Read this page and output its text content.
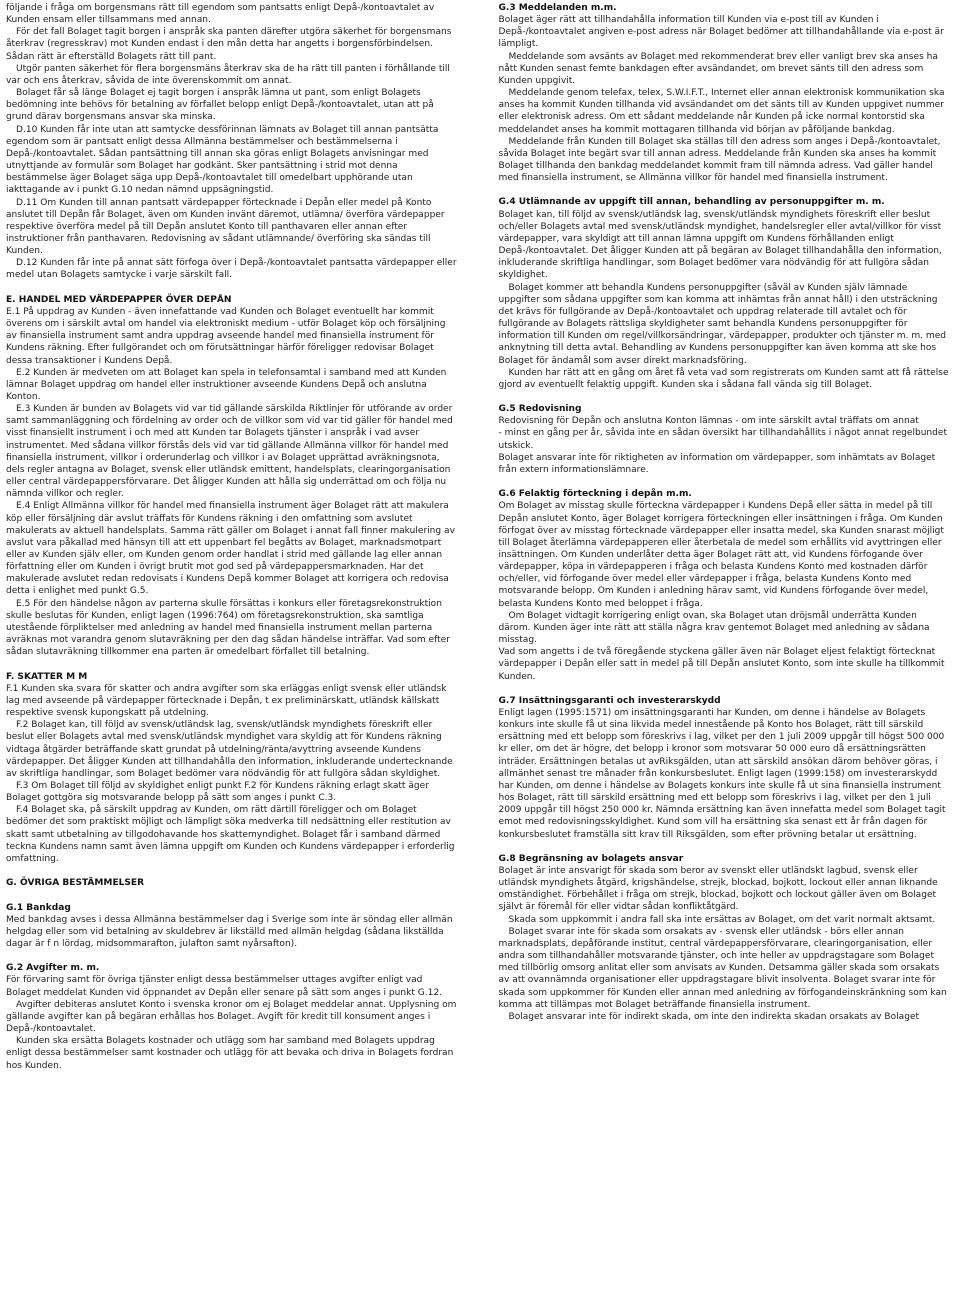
följande i fråga om borgensmans rätt till egendom som pantsatts enligt Depå-/kontoavtalet av Kunden ensam eller tillsammans med annan.

För det fall Bolaget tagit borgen i anspråk ska panten därefter utgöra säkerhet för borgensmans återkrav (regresskrav) mot Kunden endast i den mån detta har angetts i borgensförbindelsen. Sådan rätt är efterställd Bolagets rätt till pant.

Utgör panten säkerhet för flera borgensmäns återkrav ska de ha rätt till panten i förhållande till var och ens återkrav, såvida de inte överenskommit om annat.

Bolaget får så länge Bolaget ej tagit borgen i anspråk lämna ut pant, som enligt Bolagets bedömning inte behövs för betalning av förfallet belopp enligt Depå-/kontoavtalet, utan att på grund därav borgensmans ansvar ska minska.

D.10 Kunden får inte utan att samtycke dessförinnan lämnats av Bolaget till annan pantsätta egendom som är pantsatt enligt dessa Allmänna bestämmelser och bestämmelserna i Depå-/kontoavtalet. Sådan pantsättning till annan ska göras enligt Bolagets anvisningar med utnyttjande av formulär som Bolaget har godkänt. Sker pantsättning i strid mot denna bestämmelse äger Bolaget säga upp Depå-/kontoavtalet till omedelbart upphörande utan iakttagande av i punkt G.10 nedan nämnd uppsägningstid.

D.11 Om Kunden till annan pantsatt värdepapper förtecknade i Depån eller medel på Konto anslutet till Depån får Bolaget, även om Kunden invänt däremot, utlämna/ överföra värdepapper respektive överföra medel på till Depån anslutet Konto till panthavaren eller annan efter instruktioner från panthavaren. Redovisning av sådant utlämnande/ överföring ska sändas till Kunden.

D.12 Kunden får inte på annat sätt förfoga över i Depå-/kontoavtalet pantsatta värdepapper eller medel utan Bolagets samtycke i varje särskilt fall.

E. HANDEL MED VÄRDEPAPPER ÖVER DEPÅN

E.1 På uppdrag av Kunden - även innefattande vad Kunden och Bolaget eventuellt har kommit överens om i särskilt avtal om handel via elektroniskt medium - utför Bolaget köp och försäljning av finansiella instrument samt andra uppdrag avseende handel med finansiella instrument för Kundens räkning. Efter fullgörandet och om förutsättningar härför föreligger redovisar Bolaget dessa transaktioner i Kundens Depå.

E.2 Kunden är medveten om att Bolaget kan spela in telefonsamtal i samband med att Kunden lämnar Bolaget uppdrag om handel eller instruktioner avseende Kundens Depå och anslutna Konton.

E.3 Kunden är bunden av Bolagets vid var tid gällande särskilda Riktlinjer för utförande av order samt sammanläggning och fördelning av order och de villkor som vid var tid gäller för handel med visst finansiellt instrument i och med att Kunden tar Bolagets tjänster i anspråk i vad avser instrumentet. Med sådana villkor förstås dels vid var tid gällande Allmänna villkor för handel med finansiella instrument, villkor i orderunderlag och villkor i av Bolaget upprättad avräkningsnota, dels regler antagna av Bolaget, svensk eller utländsk emittent, handelsplats, clearingorganisation eller central värdepappersförvarare. Det åligger Kunden att hålla sig underrättad om och följa nu nämnda villkor och regler.

E.4 Enligt Allmänna villkor för handel med finansiella instrument äger Bolaget rätt att makulera köp eller försäljning där avslut träffats för Kundens räkning i den omfattning som avslutet makulerats av aktuell handelsplats. Samma rätt gäller om Bolaget i annat fall finner makulering av avslut vara påkallad med hänsyn till att ett uppenbart fel begåtts av Bolaget, marknadsmotpart eller av Kunden själv eller, om Kunden genom order handlat i strid med gällande lag eller annan författning eller om Kunden i övrigt brutit mot god sed på värdepappersmarknaden. Har det makulerade avslutet redan redovisats i Kundens Depå kommer Bolaget att korrigera och redovisa detta i enlighet med punkt G.5.

E.5 För den händelse någon av parterna skulle försättas i konkurs eller företagsrekonstruktion skulle beslutas för Kunden, enligt lagen (1996:764) om företagsrekonstruktion, ska samtliga utestående förpliktelser med anledning av handel med finansiella instrument mellan parterna avräknas mot varandra genom slutavräkning per den dag sådan händelse inträffar. Vad som efter sådan slutavräkning tillkommer ena parten är omedelbart förfallet till betalning.

F. SKATTER M M

F.1 Kunden ska svara för skatter och andra avgifter som ska erläggas enligt svensk eller utländsk lag med avseende på värdepapper förtecknade i Depån, t ex preliminärskatt, utländsk källskatt respektive svensk kupongskatt på utdelning.

F.2 Bolaget kan, till följd av svensk/utländsk lag, svensk/utländsk myndighets föreskrift eller beslut eller Bolagets avtal med svensk/utländsk myndighet vara skyldig att för Kundens räkning vidtaga åtgärder beträffande skatt grundat på utdelning/ränta/avyttring avseende Kundens värdepapper. Det åligger Kunden att tillhandahålla den information, inkluderande undertecknande av skriftliga handlingar, som Bolaget bedömer vara nödvändig för att fullgöra sådan skyldighet.

F.3 Om Bolaget till följd av skyldighet enligt punkt F.2 för Kundens räkning erlagt skatt äger Bolaget gottgöra sig motsvarande belopp på sätt som anges i punkt C.3.

F.4 Bolaget ska, på särskilt uppdrag av Kunden, om rätt därtill föreligger och om Bolaget bedömer det som praktiskt möjligt och lämpligt söka medverka till nedsättning eller restitution av skatt samt utbetalning av tillgodohavande hos skattemyndighet. Bolaget får i samband därmed teckna Kundens namn samt även lämna uppgift om Kunden och Kundens värdepapper i erforderlig omfattning.

G. ÖVRIGA BESTÄMMELSER
G.1 Bankdag

Med bankdag avses i dessa Allmänna bestämmelser dag i Sverige som inte är söndag eller allmän helgdag eller som vid betalning av skuldebrev är likställd med allmän helgdag (sådana likställda dagar är f n lördag, midsommarafton, julafton samt nyårsafton).

G.2 Avgifter m. m.

För förvaring samt för övriga tjänster enligt dessa bestämmelser uttages avgifter enligt vad Bolaget meddelat Kunden vid öppnandet av Depån eller senare på sätt som anges i punkt G.12.

Avgifter debiteras anslutet Konto i svenska kronor om ej Bolaget meddelar annat. Upplysning om gällande avgifter kan på begäran erhållas hos Bolaget. Avgift för kredit till konsument anges i Depå-/kontoavtalet.

Kunden ska ersätta Bolagets kostnader och utlägg som har samband med Bolagets uppdrag enligt dessa bestämmelser samt kostnader och utlägg för att bevaka och driva in Bolagets fordran hos Kunden.

G.3 Meddelanden m.m.

Bolaget äger rätt att tillhandahålla information till Kunden via e-post till av Kunden i Depå-/kontoavtalet angiven e-post adress när Bolaget bedömer att tillhandahållande via e-post är lämpligt.

Meddelande som avsänts av Bolaget med rekommenderat brev eller vanligt brev ska anses ha nått Kunden senast femte bankdagen efter avsändandet, om brevet sänts till den adress som Kunden uppgivit.

Meddelande genom telefax, telex, S.W.I.F.T., Internet eller annan elektronisk kommunikation ska anses ha kommit Kunden tillhanda vid avsändandet om det sänts till av Kunden uppgivet nummer eller elektronisk adress. Om ett sådant meddelande når Kunden på icke normal kontorstid ska meddelandet anses ha kommit mottagaren tillhanda vid början av påföljande bankdag.

Meddelande från Kunden till Bolaget ska ställas till den adress som anges i Depå-/kontoavtalet, såvida Bolaget inte begärt svar till annan adress. Meddelande från Kunden ska anses ha kommit Bolaget tillhanda den bankdag meddelandet kommit fram till nämnda adress. Vad gäller handel med finansiella instrument, se Allmänna villkor för handel med finansiella instrument.

G.4 Utlämnande av uppgift till annan, behandling av personuppgifter m. m.

Bolaget kan, till följd av svensk/utländsk lag, svensk/utländsk myndighets föreskrift eller beslut och/eller Bolagets avtal med svensk/utländsk myndighet, handelsregler eller avtal/villkor för visst värdepapper, vara skyldigt att till annan lämna uppgift om Kundens förhållanden enligt Depå-/kontoavtalet. Det åligger Kunden att på begäran av Bolaget tillhandahålla den information, inkluderande skriftliga handlingar, som Bolaget bedömer vara nödvändig för att fullgöra sådan skyldighet.

Bolaget kommer att behandla Kundens personuppgifter (såväl av Kunden själv lämnade uppgifter som sådana uppgifter som kan komma att inhämtas från annat håll) i den utsträckning det krävs för fullgörande av Depå-/kontoavtalet och uppdrag relaterade till avtalet och för fullgörande av Bolagets rättsliga skyldigheter samt behandla Kundens personuppgifter för information till Kunden om regel/villkorsändringar, värdepapper, produkter och tjänster m. m. med anknytning till detta avtal. Behandling av Kundens personuppgifter kan även komma att ske hos Bolaget för ändamål som avser direkt marknadsföring.

Kunden har rätt att en gång om året få veta vad som registrerats om Kunden samt att få rättelse gjord av eventuellt felaktig uppgift. Kunden ska i sådana fall vända sig till Bolaget.

G.5 Redovisning

Redovisning för Depån och anslutna Konton lämnas - om inte särskilt avtal träffats om annat

- minst en gång per år, såvida inte en sådan översikt har tillhandahållits i något annat regelbundet utskick.

Bolaget ansvarar inte för riktigheten av information om värdepapper, som inhämtats av Bolaget från extern informationslämnare.

G.6 Felaktig förteckning i depån m.m.

Om Bolaget av misstag skulle förteckna värdepapper i Kundens Depå eller sätta in medel på till Depån anslutet Konto, äger Bolaget korrigera förteckningen eller insättningen i fråga. Om Kunden förfogat över av misstag förtecknade värdepapper eller insatta medel, ska Kunden snarast möjligt till Bolaget återlämna värdepapperen eller återbetala de medel som erhållits vid avyttringen eller insättningen. Om Kunden underlåter detta äger Bolaget rätt att, vid Kundens förfogande över värdepapper, köpa in värdepapperen i fråga och belasta Kundens Konto med kostnaden därför och/eller, vid förfogande över medel eller värdepapper i fråga, belasta Kundens Konto med motsvarande belopp. Om Kunden i anledning härav samt, vid Kundens förfogande över medel, belasta Kundens Konto med beloppet i fråga.

Om Bolaget vidtagit korrigering enligt ovan, ska Bolaget utan dröjsmål underrätta Kunden därom. Kunden äger inte rätt att ställa några krav gentemot Bolaget med anledning av sådana misstag.

Vad som angetts i de två föregående styckena gäller även när Bolaget eljest felaktigt förtecknat värdepapper i Depån eller satt in medel på till Depån anslutet Konto, som inte skulle ha tillkommit Kunden.

G.7 Insättningsgaranti och investerarskydd

Enligt lagen (1995:1571) om insättningsgaranti har Kunden, om denne i händelse av Bolagets konkurs inte skulle få ut sina likvida medel innestående på Konto hos Bolaget, rätt till särskild ersättning med ett belopp som föreskrivs i lag, vilket per den 1 juli 2009 uppgår till högst 500 000 kr eller, om det är högre, det belopp i kronor som motsvarar 50 000 euro då ersättningsrätten inträder. Ersättningen betalas ut avRiksgälden, utan att särskild ansökan därom behöver göras, i allmänhet senast tre månader från konkursbeslutet. Enligt lagen (1999:158) om investerarskydd har Kunden, om denne i händelse av Bolagets konkurs inte skulle få ut sina finansiella instrument hos Bolaget, rätt till särskild ersättning med ett belopp som föreskrivs i lag, vilket per den 1 juli 2009 uppgår till högst 250 000 kr. Nämnda ersättning kan även innefatta medel som Bolaget tagit emot med redovisningsskyldighet. Kund som vill ha ersättning ska senast ett år från dagen för konkursbeslutet framställa sitt krav till Riksgälden, som efter prövning betalar ut ersättning.

G.8 Begränsning av bolagets ansvar

Bolaget är inte ansvarigt för skada som beror av svenskt eller utländskt lagbud, svensk eller utländsk myndighets åtgärd, krigshändelse, strejk, blockad, bojkott, lockout eller annan liknande omständighet. Förbehållet i fråga om strejk, blockad, bojkott och lockout gäller även om Bolaget självt är föremål för eller vidtar sådan konfliktåtgärd.

Skada som uppkommit i andra fall ska inte ersättas av Bolaget, om det varit normalt aktsamt.

Bolaget svarar inte för skada som orsakats av - svensk eller utländsk - börs eller annan marknadsplats, depåförande institut, central värdepappersförvarare, clearingorganisation, eller andra som tillhandahåller motsvarande tjänster, och inte heller av uppdragstagare som Bolaget med tillbörlig omsorg anlitat eller som anvisats av Kunden. Detsamma gäller skada som orsakats av att ovannämnda organisationer eller uppdragstagare blivit insolventa. Bolaget svarar inte för skada som uppkommer för Kunden eller annan med anledning av förfogandeinskränkning som kan komma att tillämpas mot Bolaget beträffande finansiella instrument.

Bolaget ansvarar inte för indirekt skada, om inte den indirekta skadan orsakats av Bolaget
